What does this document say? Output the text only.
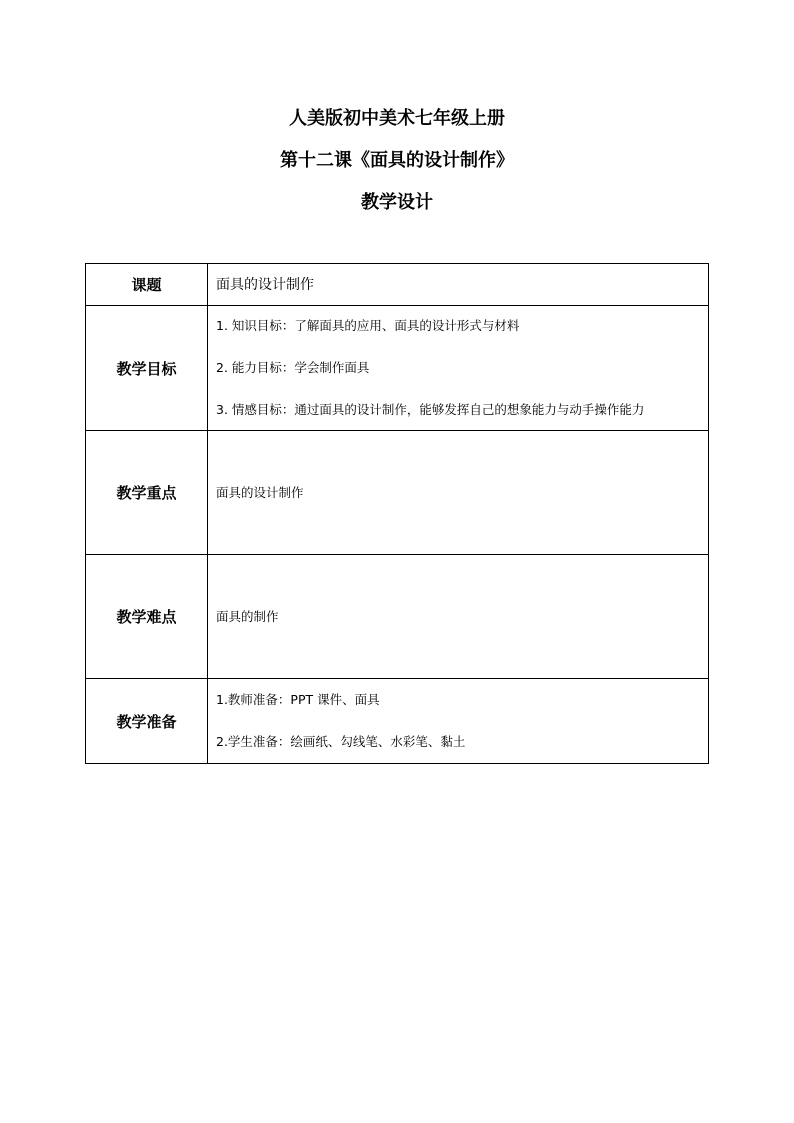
人美版初中美术七年级上册
第十二课《面具的设计制作》
教学设计
课题	面具的设计制作

教学目标	1. 知识目标：了解面具的应用、面具的设计形式与材料
2. 能力目标：学会制作面具
3. 情感目标：通过面具的设计制作，能够发挥自己的想象能力与动手操作能力

教学重点	面具的设计制作

教学难点	面具的制作

教学准备	1.教师准备：PPT 课件、面具
2.学生准备：绘画纸、勾线笔、水彩笔、黏土
